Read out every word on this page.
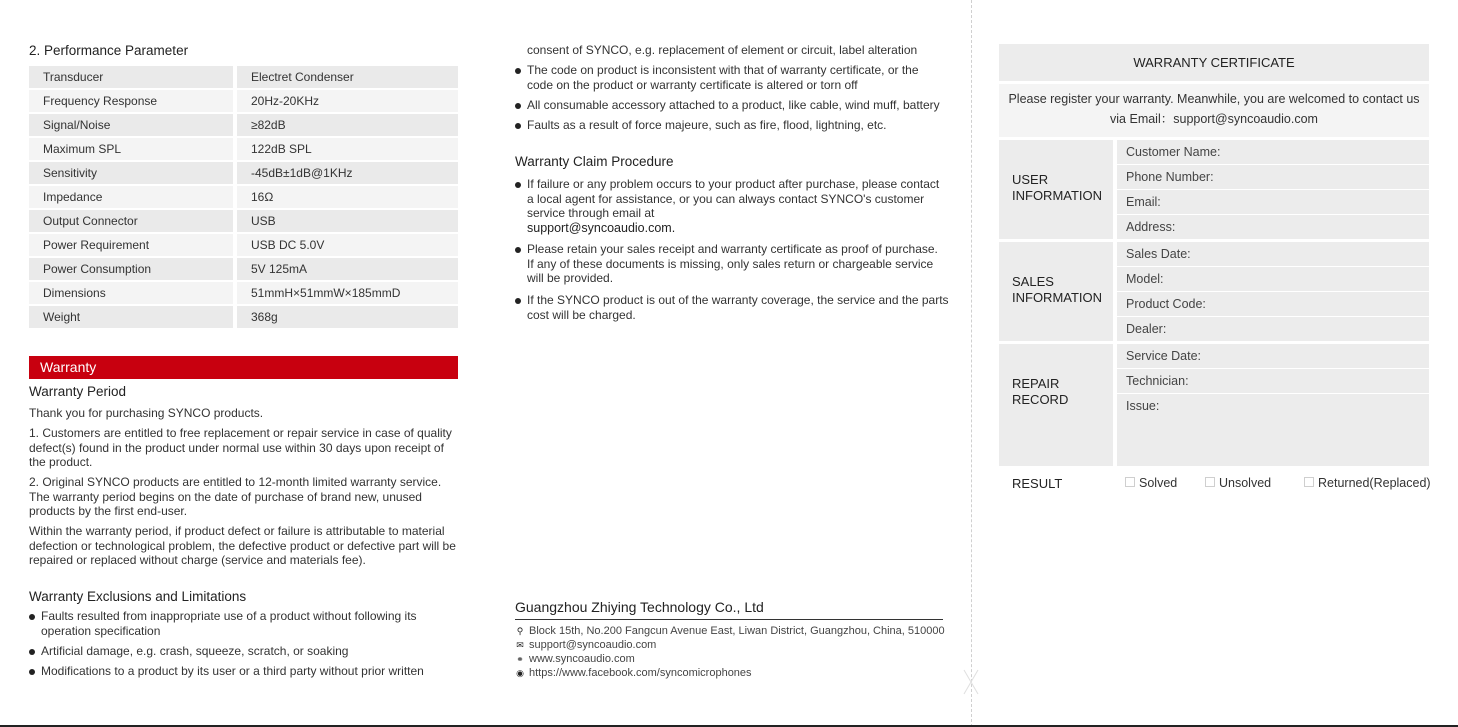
2. Performance Parameter
Transducer	Electret Condenser
Frequency Response	20Hz-20KHz
Signal/Noise	≥82dB
Maximum SPL	122dB SPL
Sensitivity	-45dB±1dB@1KHz
Impedance	16Ω
Output Connector	USB
Power Requirement	USB DC 5.0V
Power Consumption	5V 125mA
Dimensions	51mmH×51mmW×185mmD
Weight	368g
Warranty
Warranty Period
Thank you for purchasing SYNCO products.
1. Customers are entitled to free replacement or repair service in case of quality defect(s) found in the product under normal use within 30 days upon receipt of the product.
2. Original SYNCO products are entitled to 12-month limited warranty service. The warranty period begins on the date of purchase of brand new, unused products by the first end-user.
Within the warranty period, if product defect or failure is attributable to material defection or technological problem, the defective product or defective part will be repaired or replaced without charge (service and materials fee).
Warranty Exclusions and Limitations
Faults resulted from inappropriate use of a product without following its operation specification
Artificial damage, e.g. crash, squeeze, scratch, or soaking
Modifications to a product by its user or a third party without prior written
consent of SYNCO, e.g. replacement of element or circuit, label alteration
The code on product is inconsistent with that of warranty certificate, or the code on the product or warranty certificate is altered or torn off
All consumable accessory attached to a product, like cable, wind muff, battery
Faults as a result of force majeure, such as fire, flood, lightning, etc.
Warranty Claim Procedure
If failure or any problem occurs to your product after purchase, please contact a local agent for assistance, or you can always contact SYNCO's customer service through email at
support@syncoaudio.com.
Please retain your sales receipt and warranty certificate as proof of purchase. If any of these documents is missing, only sales return or chargeable service will be provided.
If the SYNCO product is out of the warranty coverage, the service and the parts cost will be charged.
Guangzhou Zhiying Technology Co., Ltd
⚲ Block 15th, No.200 Fangcun Avenue East, Liwan District, Guangzhou, China, 510000
✉ support@syncoaudio.com
⚭ www.syncoaudio.com
◉ https://www.facebook.com/syncomicrophones
WARRANTY CERTIFICATE
Please register your warranty. Meanwhile, you are welcomed to contact us
via Email：support@syncoaudio.com
USER
INFORMATION
Customer Name:
Phone Number:
Email:
Address:
SALES
INFORMATION
Sales Date:
Model:
Product Code:
Dealer:
REPAIR
RECORD
Service Date:
Technician:
Issue:
RESULT	Solved	Unsolved	Returned(Replaced)
